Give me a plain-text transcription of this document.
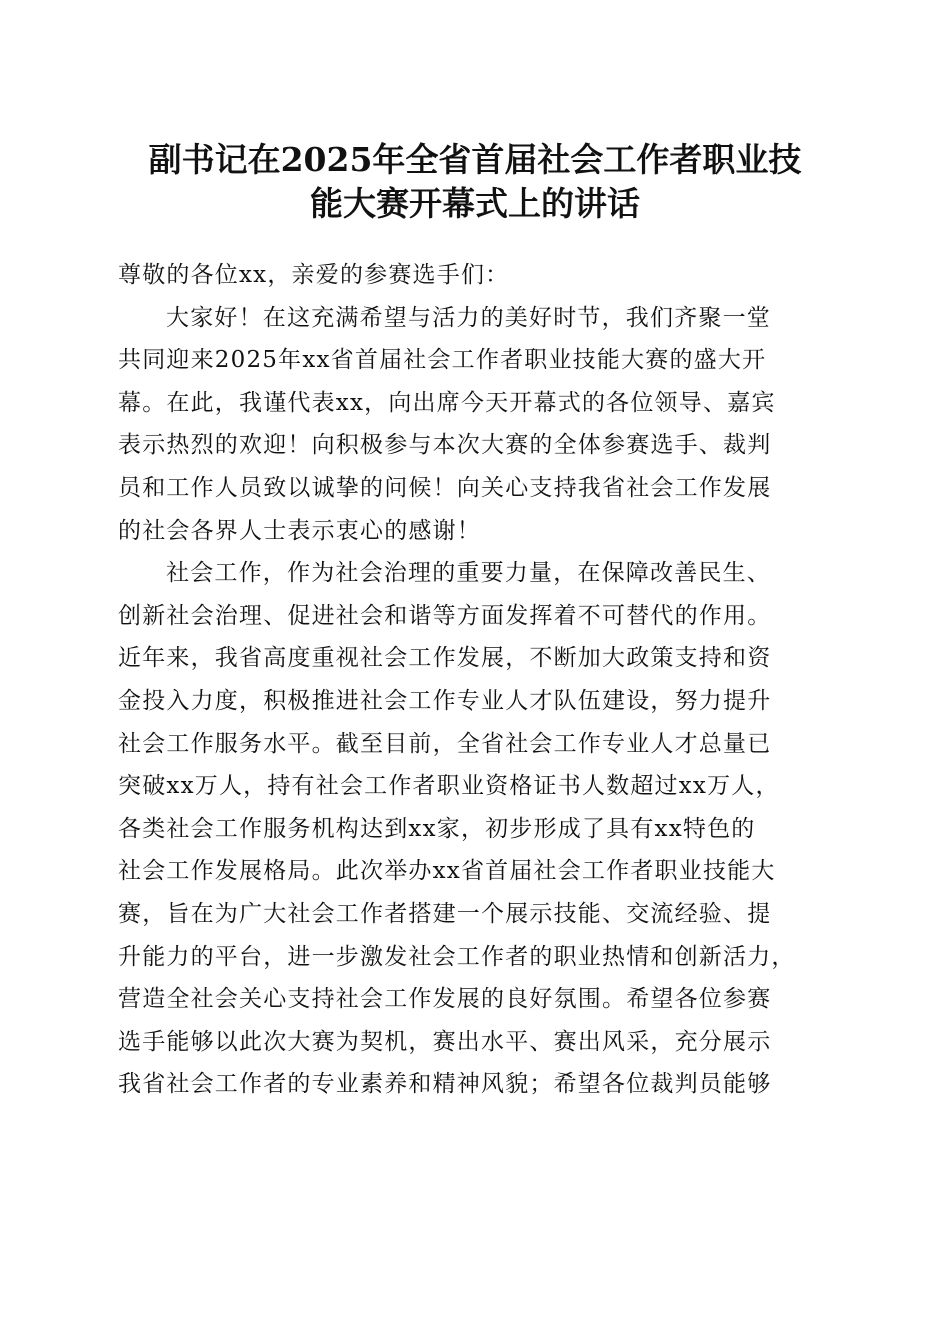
副书记在2025年全省首届社会工作者职业技
能大赛开幕式上的讲话
尊敬的各位xx，亲爱的参赛选手们：
大家好！在这充满希望与活力的美好时节，我们齐聚一堂
共同迎来2025年xx省首届社会工作者职业技能大赛的盛大开
幕。在此，我谨代表xx，向出席今天开幕式的各位领导、嘉宾
表示热烈的欢迎！向积极参与本次大赛的全体参赛选手、裁判
员和工作人员致以诚挚的问候！向关心支持我省社会工作发展
的社会各界人士表示衷心的感谢！
社会工作，作为社会治理的重要力量，在保障改善民生、
创新社会治理、促进社会和谐等方面发挥着不可替代的作用。
近年来，我省高度重视社会工作发展，不断加大政策支持和资
金投入力度，积极推进社会工作专业人才队伍建设，努力提升
社会工作服务水平。截至目前，全省社会工作专业人才总量已
突破xx万人，持有社会工作者职业资格证书人数超过xx万人，
各类社会工作服务机构达到xx家，初步形成了具有xx特色的
社会工作发展格局。此次举办xx省首届社会工作者职业技能大
赛，旨在为广大社会工作者搭建一个展示技能、交流经验、提
升能力的平台，进一步激发社会工作者的职业热情和创新活力，
营造全社会关心支持社会工作发展的良好氛围。希望各位参赛
选手能够以此次大赛为契机，赛出水平、赛出风采，充分展示
我省社会工作者的专业素养和精神风貌；希望各位裁判员能够
